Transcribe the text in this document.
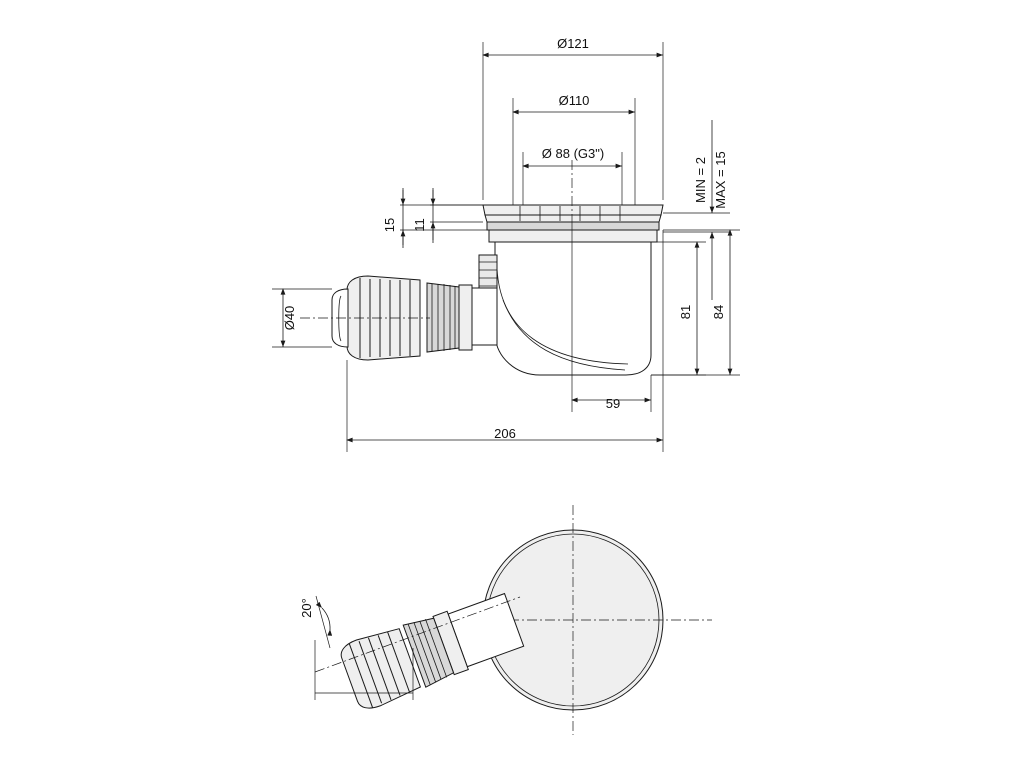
Ø121
Ø110
Ø 88 (G3")
15 11
MIN = 2 MAX = 15
81 84
59
206
Ø40
20°
